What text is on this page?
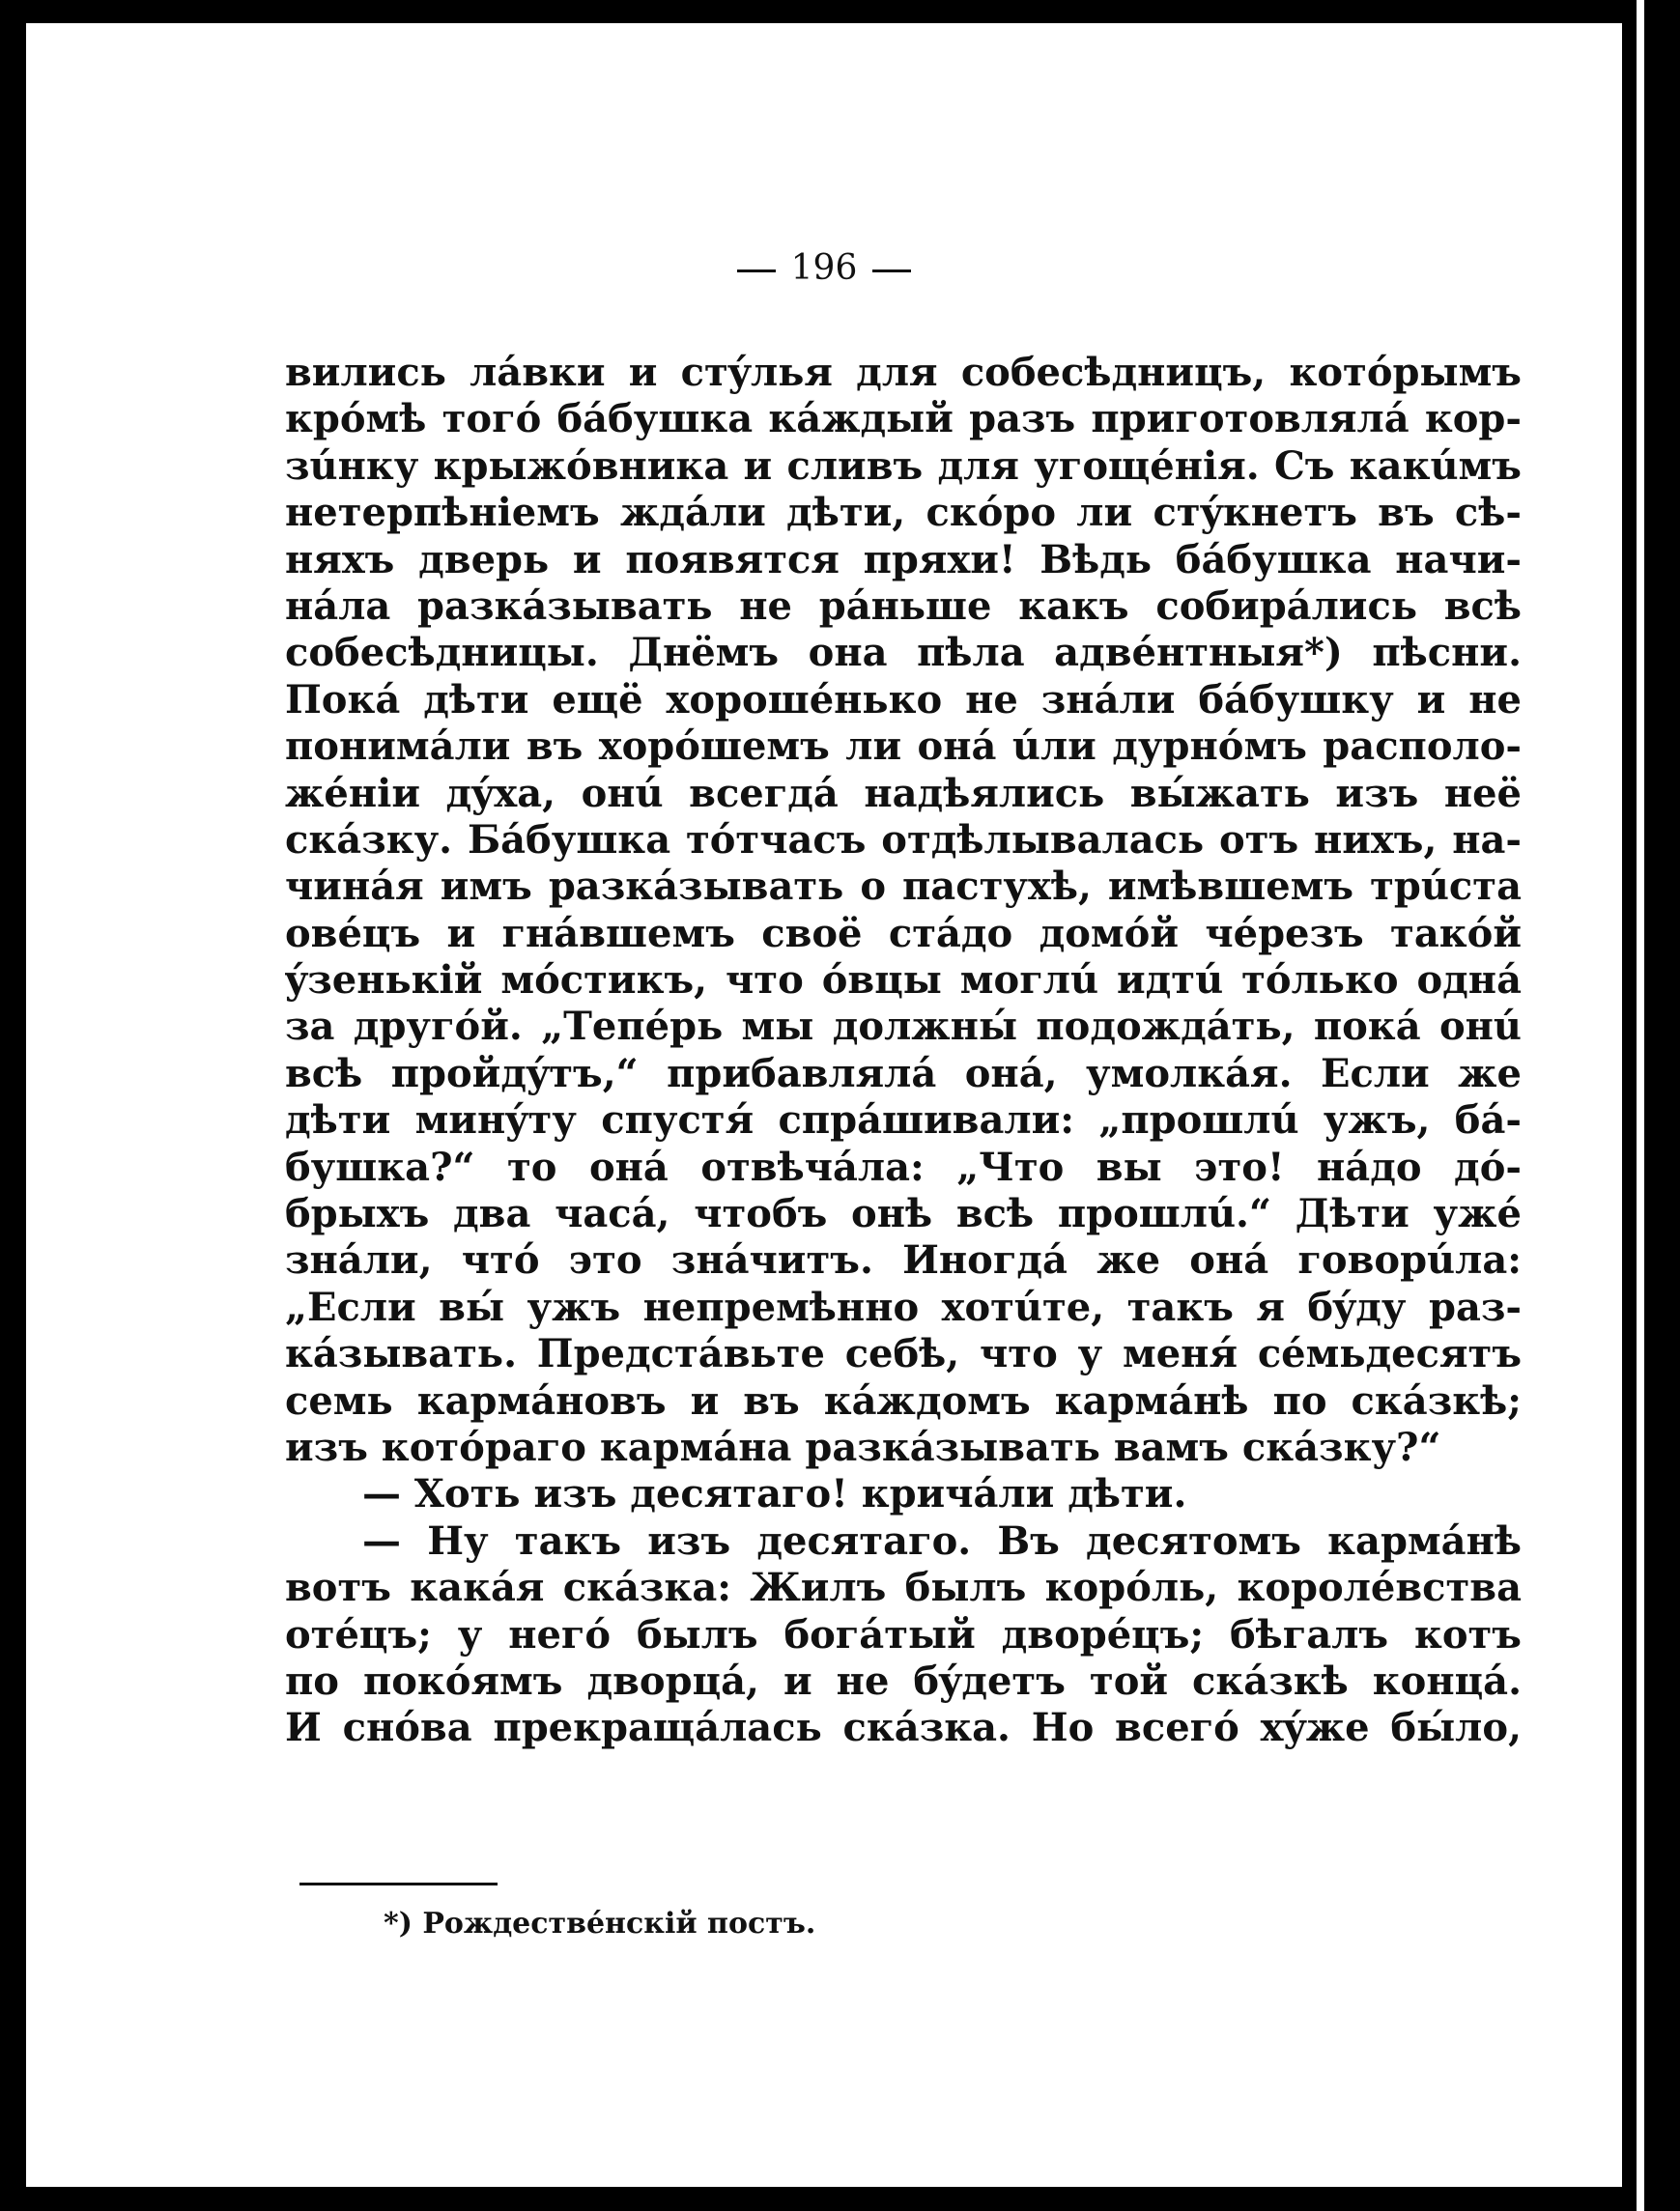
196
вились лáвки и стýлья для собесѣдницъ, котóрымъ
крóмѣ тогó бáбушка кáждый разъ приготовлялá кор-
зúнку крыжóвника и сливъ для угощéнія. Съ какúмъ
нетерпѣніемъ ждáли дѣти, скóро ли стýкнетъ въ сѣ-
няхъ дверь и появятся пряхи! Вѣдь бáбушка начи-
нáла разкáзывать не рáньше какъ собирáлись всѣ
собесѣдницы. Днёмъ она пѣла адвéнтныя*) пѣсни.
Покá дѣти ещё хорошéнько не знáли бáбушку и не
понимáли въ хорóшемъ ли онá úли дурнóмъ располо-
жéніи дýха, онú всегдá надѣялись вы́жать изъ неё
скáзку. Бáбушка тóтчасъ отдѣлывалась отъ нихъ, на-
чинáя имъ разкáзывать о пастухѣ, имѣвшемъ трúста
овéцъ и гнáвшемъ своё стáдо домóй чéрезъ такóй
ýзенькій мóстикъ, что óвцы моглú идтú тóлько однá
за другóй. „Тепéрь мы должны́ подождáть, покá онú
всѣ пройдýтъ,“ прибавлялá онá, умолкáя. Если же
дѣти минýту спустя́ спрáшивали: „прошлú ужъ, бá-
бушка?“ то онá отвѣчáла: „Что вы это! нáдо дó-
брыхъ два часá, чтобъ онѣ всѣ прошлú.“ Дѣти ужé
знáли, что́ это знáчитъ. Иногдá же онá говорúла:
„Если вы́ ужъ непремѣнно хотúте, такъ я бýду раз-
кáзывать. Предстáвьте себѣ, что у меня́ сéмьдесятъ
семь кармáновъ и въ кáждомъ кармáнѣ по скáзкѣ;
изъ котóраго кармáна разкáзывать вамъ скáзку?“
— Хоть изъ десятаго! кричáли дѣти.
— Ну такъ изъ десятаго. Въ десятомъ кармáнѣ
вотъ какáя скáзка: Жилъ былъ корóль, королéвства
отéцъ; у негó былъ богáтый дворéцъ; бѣгалъ котъ
по покóямъ дворцá, и не бýдетъ той скáзкѣ концá.
И снóва прекращáлась скáзка. Но всегó хýже бы́ло,
*) Рождествéнскій постъ.
